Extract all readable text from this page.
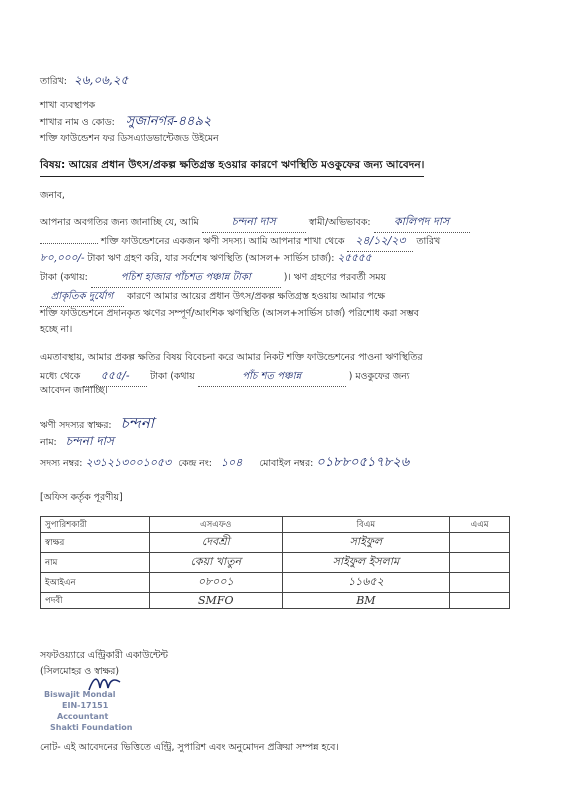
তারিখ: ২৬,০৬,২৫
শাখা ব্যবস্থাপক
শাখার নাম ও কোড: সুজানগর-৪৪৯২
শক্তি ফাউন্ডেশন ফর ডিসএ্যাডভান্টেজড উইমেন
বিষয়: আয়ের প্রধান উৎস/প্রকল্প ক্ষতিগ্রস্ত হওয়ার কারণে ঋণস্থিতি মওকুফের জন্য আবেদন।
জনাব,
আপনার অবগতির জন্য জানাচ্ছি যে, আমি	চন্দনা দাস	স্বামী/অভিভাবক: কালিপদ দাস
শক্তি ফাউন্ডেশনের একজন ঋণী সদস্য। আমি আপনার শাখা থেকে ২৪/১২/২৩ তারিখ
৮০,০০০/- টাকা ঋণ গ্রহণ করি, যার সর্বশেষ ঋণস্থিতি (আসল+ সার্ভিস চার্জ): ২৫৫৫৫
টাকা (কথায়:	পচিশ হাজার পাঁচশত পঞ্চান্ন টাকা	)। ঋণ গ্রহণের পরবর্তী সময়
প্রাকৃতিক দুর্যোগ কারণে আমার আয়ের প্রধান উৎস/প্রকল্প ক্ষতিগ্রস্ত হওয়ায় আমার পক্ষে
শক্তি ফাউন্ডেশনে প্রদানকৃত ঋণের সম্পূর্ণ/আংশিক ঋণস্থিতি (আসল+সার্ভিস চার্জ) পরিশোধ করা সম্ভব
হচ্ছে না।
এমতাবস্থায়, আমার প্রকল্প ক্ষতির বিষয় বিবেচনা করে আমার নিকট শক্তি ফাউন্ডেশনের পাওনা ঋণস্থিতির
মধ্যে থেকে ৫৫৫/- টাকা (কথায়	পাঁচ শত পঞ্চান্ন	) মওকুফের জন্য
আবেদন জানাচ্ছি।
ঋণী সদস্যর স্বাক্ষর: চন্দনা
নাম: চন্দনা দাস
সদস্য নম্বর: ২৩১২১৩০০১০৫৩ কেন্দ্র নং: ১০৪ মোবাইল নম্বর: ০১৮৮০৫১৭৮২৬
[অফিস কর্তৃক পূরণীয়]
সুপারিশকারী	এসএফও	বিএম	এএম
স্বাক্ষর	দেবশ্রী	সাইফুল	
নাম	কেয়া খাতুন	সাইফুল ইসলাম	
ইআইএন	০৮০০১	১১৬৫২	
পদবী	SMFO	BM	
সফটওয়্যারে এন্ট্রিকারী একাউন্টেন্ট
(সিলমোহর ও স্বাক্ষর)
Biswajit Mondal
EIN-17151
Accountant
Shakti Foundation
নোট- এই আবেদনের ভিত্তিতে এন্ট্রি, সুপারিশ এবং অনুমোদন প্রক্রিয়া সম্পন্ন হবে।
